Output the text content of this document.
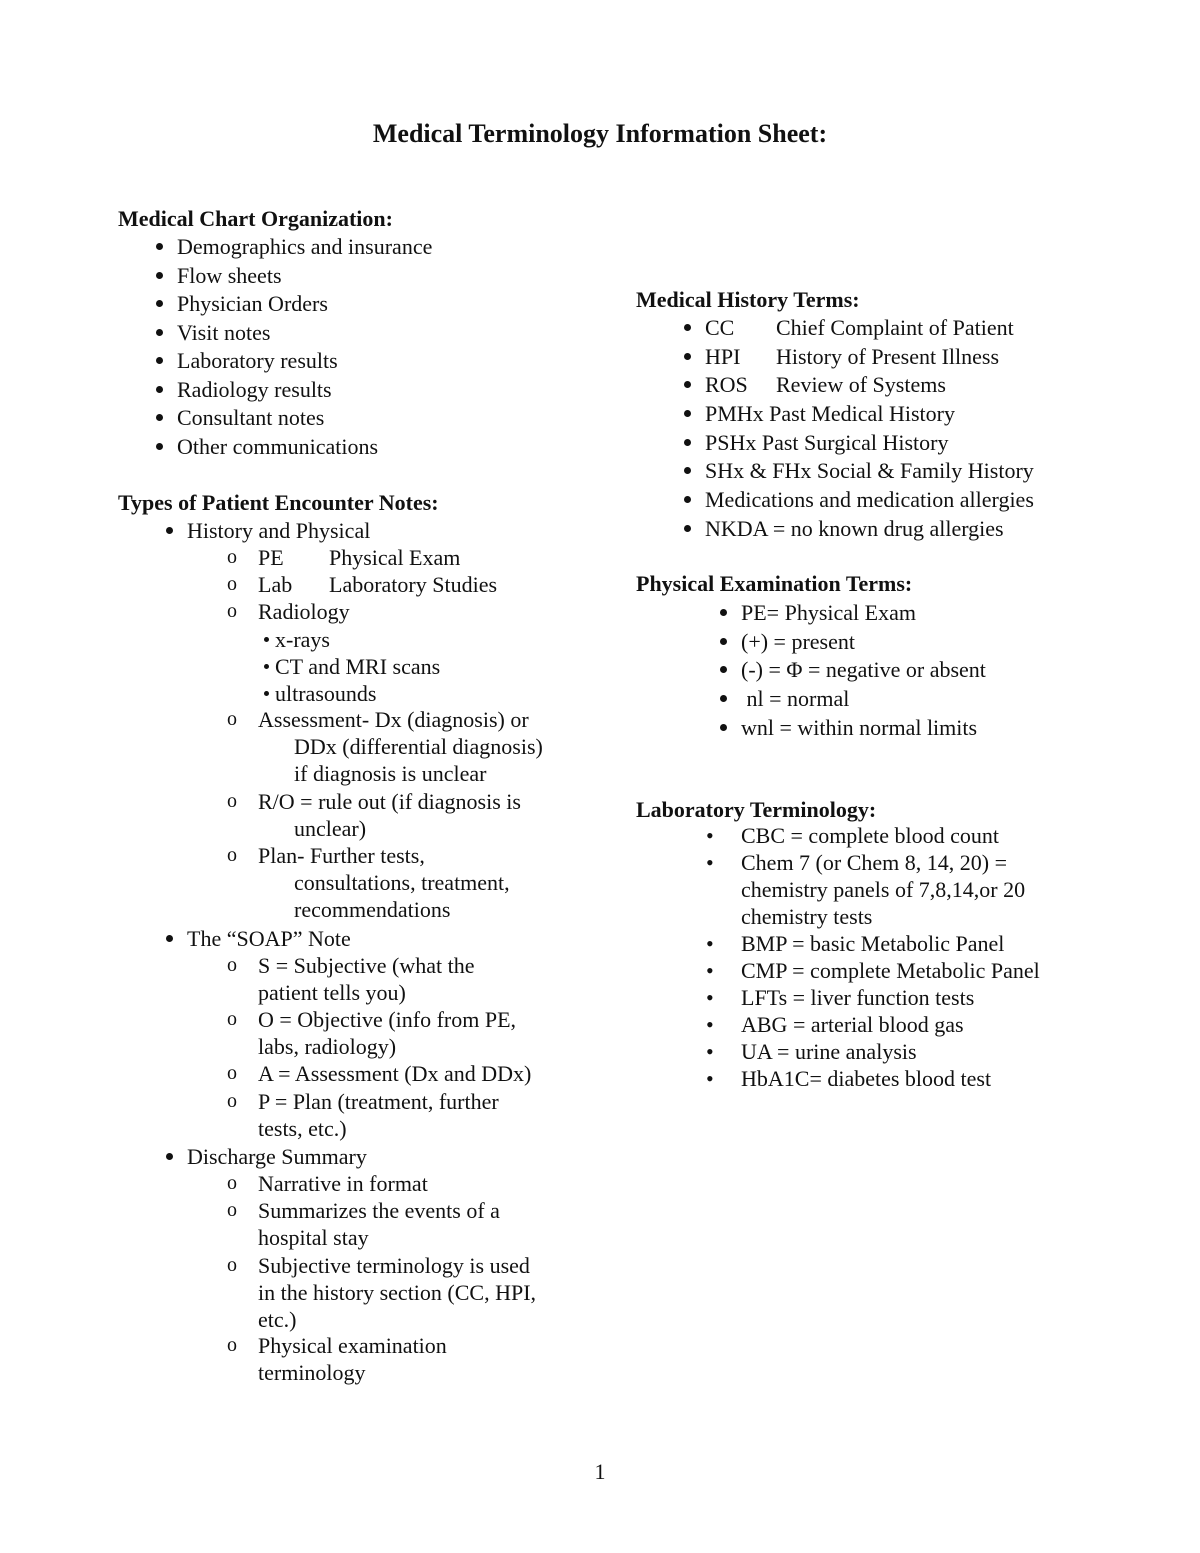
Medical Terminology Information Sheet:
Medical Chart Organization:
Demographics and insurance
Flow sheets
Physician Orders
Visit notes
Laboratory results
Radiology results
Consultant notes
Other communications
Types of Patient Encounter Notes:
History and Physical
o PE Physical Exam
o Lab Laboratory Studies
o Radiology
x-rays
CT and MRI scans
ultrasounds
o Assessment- Dx (diagnosis) or
DDx (differential diagnosis)
if diagnosis is unclear
o R/O = rule out (if diagnosis is
unclear)
o Plan- Further tests,
consultations, treatment,
recommendations
The “SOAP” Note
o S = Subjective (what the
patient tells you)
o O = Objective (info from PE,
labs, radiology)
o A = Assessment (Dx and DDx)
o P = Plan (treatment, further
tests, etc.)
Discharge Summary
o Narrative in format
o Summarizes the events of a
hospital stay
o Subjective terminology is used
in the history section (CC, HPI,
etc.)
o Physical examination
terminology
Medical History Terms:
CC Chief Complaint of Patient
HPI History of Present Illness
ROS Review of Systems
PMHx Past Medical History
PSHx Past Surgical History
SHx & FHx Social & Family History
Medications and medication allergies
NKDA = no known drug allergies
Physical Examination Terms:
PE= Physical Exam
(+) = present
(-) = Φ = negative or absent
nl = normal
wnl = within normal limits
Laboratory Terminology:
• CBC = complete blood count
• Chem 7 (or Chem 8, 14, 20) =
chemistry panels of 7,8,14,or 20
chemistry tests
• BMP = basic Metabolic Panel
• CMP = complete Metabolic Panel
• LFTs = liver function tests
• ABG = arterial blood gas
• UA = urine analysis
• HbA1C= diabetes blood test
1
